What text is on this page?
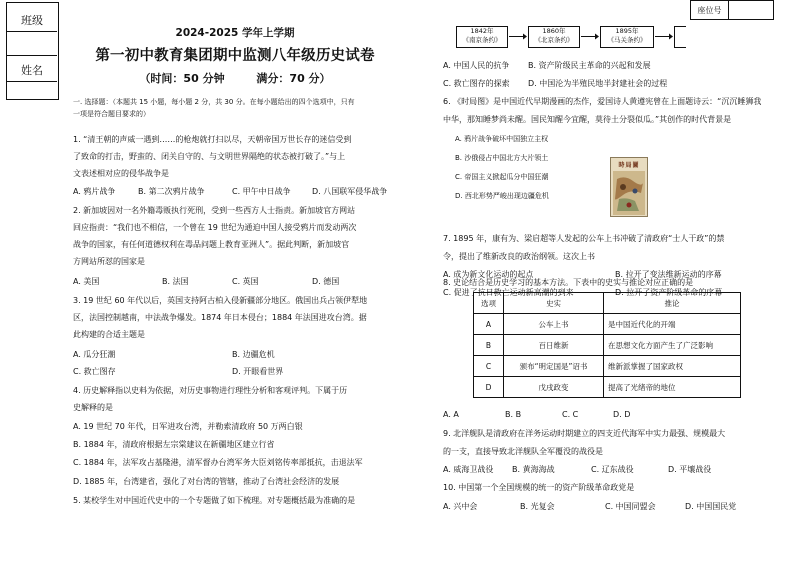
班级
姓名
座位号
2024-2025 学年上学期
第一初中教育集团期中监测八年级历史试卷
（时间：50 分钟	满分：70 分）
一. 选择题：（本题共 15 小题，每小题 2 分，共 30 分。在每小题给出的四个选项中，只有
一项是符合题目要求的）
1. “清王朝的声威一遇到……的枪炮就打扫以尽，天朝帝国万世长存的迷信受到
了致命的打击，野蛮的、闭关自守的、与文明世界隔绝的状态被打破了。”与上
文表述相对应的侵华战争是
A. 鸦片战争	B. 第二次鸦片战争	C. 甲午中日战争	D. 八国联军侵华战争
2. 新加坡因对一名外籍毒贩执行死刑，受到一些西方人士指责。新加坡官方网站
回应指责：“我们也不相信，一个曾在 19 世纪为通迫中国人接受鸦片而发动两次
战争的国家，有任何道德权利在毒品问题上教育亚洲人”。据此判断，新加坡官
方网站所怼的国家是
A. 美国	B. 法国	C. 英国	D. 德国
3. 19 世纪 60 年代以后，英国支持阿古柏入侵新疆部分地区。俄国出兵占领伊犁地
区，法国控制越南，中法战争爆发。1874 年日本侵台；1884 年法国进攻台湾。据
此构建的合适主题是
A. 瓜分狂潮	B. 边疆危机
C. 救亡图存	D. 开眼看世界
4. 历史解释指以史料为依据，对历史事物进行理性分析和客观评判。下属于历
史解释的是
A. 19 世纪 70 年代，日军进攻台湾，并勒索清政府 50 万两白银
B. 1884 年，清政府根据左宗棠建议在新疆地区建立行省
C. 1884 年，法军攻占基隆港，清军督办台湾军务大臣刘铭传率部抵抗，击退法军
D. 1885 年，台湾建省，强化了对台湾的管辖，推动了台湾社会经济的发展
5. 某校学生对中国近代史中的一个专题做了如下梳理。对专题概括最为准确的是
1842年
《南京条约》
1860年
《北京条约》
1895年
《马关条约》
A. 中国人民的抗争 B. 资产阶级民主革命的兴起和发展
C. 救亡图存的探索 D. 中国沦为半殖民地半封建社会的过程
6. 《时局图》是中国近代早期漫画的杰作，爱国诗人黄遵宪曾在上面题诗云：“沉沉睡狮我
中华，那知睡梦尚未醒。国民知醒今宜醒，莫待土分裂似瓜。”其创作的时代背景是
A. 鸦片战争破坏中国独立主权
B. 沙俄侵占中国北方大片领土
C. 帝国主义掀起瓜分中国狂潮
D. 西北形势严峻出现边疆危机
時局圖
7. 1895 年，康有为、梁启超等人发起的公车上书冲破了清政府“士人干政”的禁
令，提出了维新改良的政治纲领。这次上书
A. 成为新文化运动的起点	B. 拉开了变法维新运动的序幕
C. 促进了抗日救亡运动新高潮的到来	D. 拉开了资产阶级革命的序幕
8. 史论结合是历史学习的基本方法。下表中的史实与推论对应正确的是
选项	史实	推论
A	公车上书	是中国近代化的开端
B	百日维新	在思想文化方面产生了广泛影响
C	颁布“明定国是”诏书	维新派掌握了国家政权
D	戊戌政变	提高了光绪帝的地位
A. A	B. B	C. C	D. D
9. 北洋舰队是清政府在洋务运动时期建立的四支近代海军中实力最强、规模最大
的一支，直接导致北洋舰队全军覆没的战役是
A. 威海卫战役 B. 黄海海战	C. 辽东战役	D. 平壤战役
10. 中国第一个全国规模的统一的资产阶级革命政党是
A. 兴中会	B. 光复会	C. 中国同盟会	D. 中国国民党
